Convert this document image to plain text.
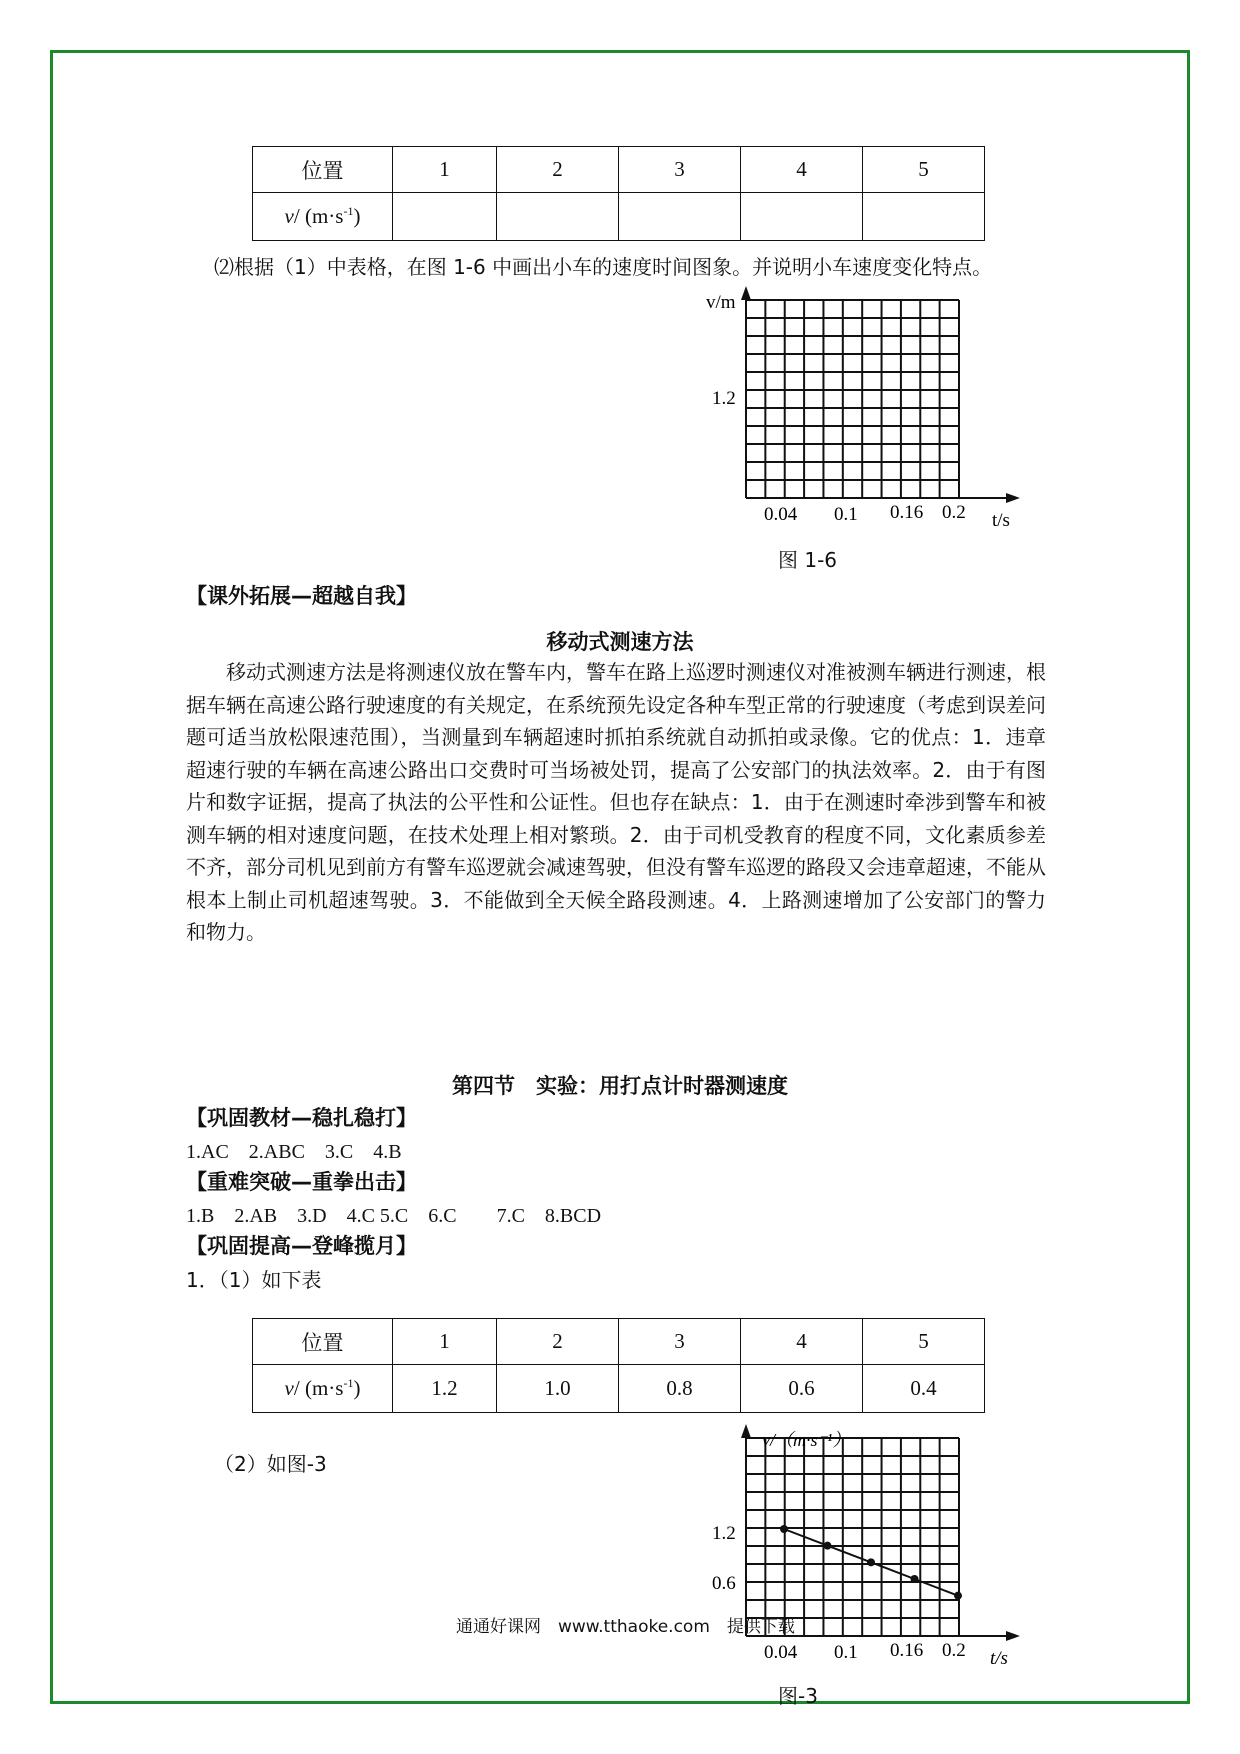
位置	1	2	3	4	5
v/ $(m\cdot s^{-1})$					
⑵根据（1）中表格，在图 1-6 中画出小车的速度时间图象。并说明小车速度变化特点。
v/m
1.2
0.04 0.1 0.16 0.2 t/s
图 1-6
【课外拓展—超越自我】
移动式测速方法
移动式测速方法是将测速仪放在警车内，警车在路上巡逻时测速仪对准被测车辆进行测速，根据车辆在高速公路行驶速度的有关规定，在系统预先设定各种车型正常的行驶速度（考虑到误差问题可适当放松限速范围），当测量到车辆超速时抓拍系统就自动抓拍或录像。它的优点：1．违章超速行驶的车辆在高速公路出口交费时可当场被处罚，提高了公安部门的执法效率。2．由于有图片和数字证据，提高了执法的公平性和公证性。但也存在缺点：1．由于在测速时牵涉到警车和被测车辆的相对速度问题，在技术处理上相对繁琐。2．由于司机受教育的程度不同，文化素质参差不齐，部分司机见到前方有警车巡逻就会减速驾驶，但没有警车巡逻的路段又会违章超速，不能从根本上制止司机超速驾驶。3．不能做到全天候全路段测速。4．上路测速增加了公安部门的警力和物力。
第四节　实验：用打点计时器测速度
【巩固教材—稳扎稳打】
1.AC　2.ABC　3.C　4.B
【重难突破—重拳出击】
1.B　2.AB　3.D　4.C 5.C　6.C　　7.C　8.BCD
【巩固提高—登峰揽月】
1．（1）如下表
位置	1	2	3	4	5
v/ $(m\cdot s^{-1})$	1.2	1.0	0.8	0.6	0.4
（2）如图-3
v/（m·s⁻¹）
1.2
0.6
0.04 0.1 0.16 0.2 t/s
通通好课网　www.tthaoke.com　提供下载
图-3
